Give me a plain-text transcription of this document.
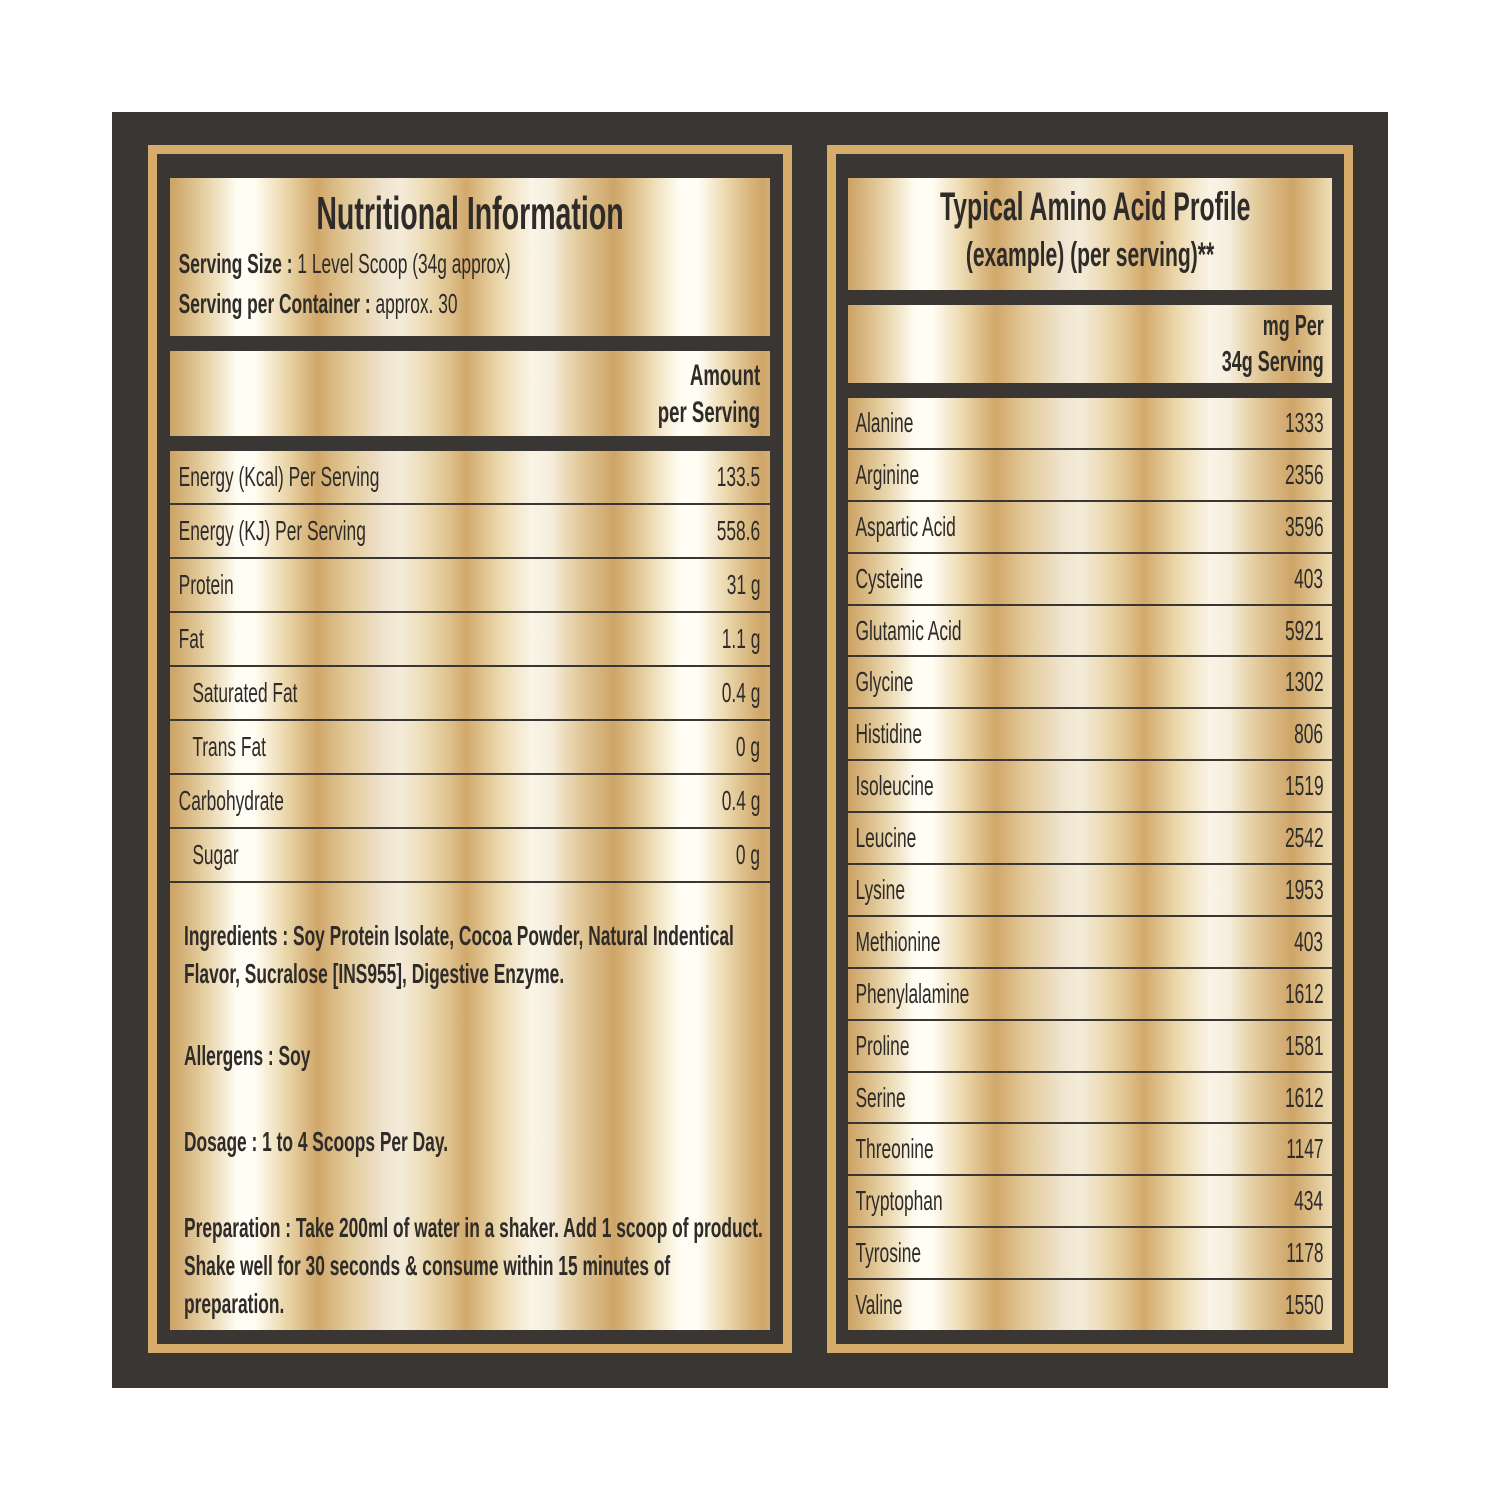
Nutritional Information

Serving Size : 1 Level Scoop (34g approx)

Serving per Container : approx. 30

Amount
per Serving
Energy (Kcal) Per Serving	133.5
Energy (KJ) Per Serving	558.6
Protein	31 g
Fat	1.1 g
Saturated Fat	0.4 g
Trans Fat	0 g
Carbohydrate	0.4 g
Sugar	0 g

Ingredients : Soy Protein Isolate, Cocoa Powder, Natural Indentical Flavor, Sucralose [INS955], Digestive Enzyme.

Allergens : Soy

Dosage : 1 to 4 Scoops Per Day.

Preparation : Take 200ml of water in a shaker. Add 1 scoop of product. Shake well for 30 seconds & consume within 15 minutes of preparation.

Typical Amino Acid Profile
(example) (per serving)**
mg Per
34g Serving
Alanine	1333
Arginine	2356
Aspartic Acid	3596
Cysteine	403
Glutamic Acid	5921
Glycine	1302
Histidine	806
Isoleucine	1519
Leucine	2542
Lysine	1953
Methionine	403
Phenylalamine	1612
Proline	1581
Serine	1612
Threonine	1147
Tryptophan	434
Tyrosine	1178
Valine	1550
